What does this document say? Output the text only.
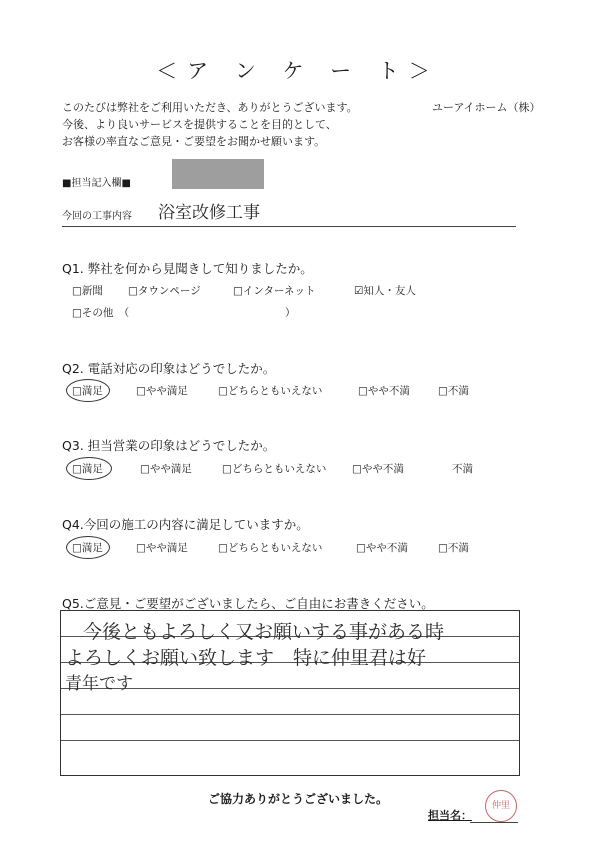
＜ア ン ケ ー ト＞
このたびは弊社をご利用いただき、ありがとうございます。
今後、より良いサービスを提供することを目的として、
お客様の率直なご意見・ご要望をお聞かせ願います。
ユーアイホーム（株）
■担当記入欄■
今回の工事内容 浴室改修工事
Q1. 弊社を何から見聞きして知りましたか。
□新聞 □タウンページ	□インターネット	☑知人・友人
□その他　（	）
Q2. 電話対応の印象はどうでしたか。
□満足	□やや満足	□どちらともいえない	□やや不満	□不満
Q3. 担当営業の印象はどうでしたか。
□満足	□やや満足	□どちらともいえない □やや不満	不満
Q4.今回の施工の内容に満足していますか。
□満足	□やや満足	□どちらともいえない	□やや不満	□不満
Q5.ご意見・ご要望がございましたら、ご自由にお書きください。
今後ともよろしく又お願いする事がある時
よろしくお願い致します　特に仲里君は好
青年です
ご協力ありがとうございました。
担当名：
仲里
